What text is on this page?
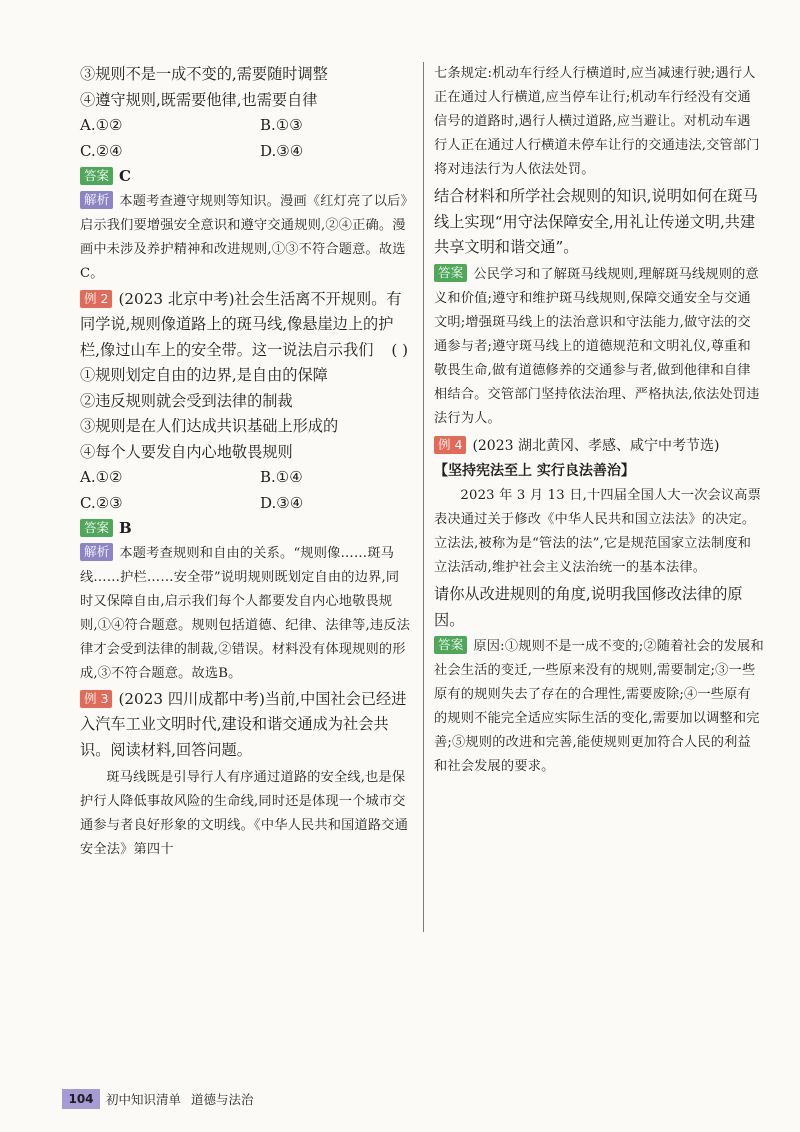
③规则不是一成不变的,需要随时调整

④遵守规则,既需要他律,也需要自律

A.①②	B.①③
C.②④	D.③④

答案 C

解析 本题考查遵守规则等知识。漫画《红灯亮了以后》启示我们要增强安全意识和遵守交通规则,②④正确。漫画中未涉及养护精神和改进规则,①③不符合题意。故选C。

例 2 (2023 北京中考)社会生活离不开规则。有同学说,规则像道路上的斑马线,像悬崖边上的护栏,像过山车上的安全带。这一说法启示我们 ( )

①规则划定自由的边界,是自由的保障

②违反规则就会受到法律的制裁

③规则是在人们达成共识基础上形成的

④每个人要发自内心地敬畏规则

A.①②	B.①④
C.②③	D.③④

答案 B

解析 本题考查规则和自由的关系。“规则像……斑马线……护栏……安全带”说明规则既划定自由的边界,同时又保障自由,启示我们每个人都要发自内心地敬畏规则,①④符合题意。规则包括道德、纪律、法律等,违反法律才会受到法律的制裁,②错误。材料没有体现规则的形成,③不符合题意。故选B。

例 3 (2023 四川成都中考)当前,中国社会已经进入汽车工业文明时代,建设和谐交通成为社会共识。阅读材料,回答问题。

斑马线既是引导行人有序通过道路的安全线,也是保护行人降低事故风险的生命线,同时还是体现一个城市交通参与者良好形象的文明线。《中华人民共和国道路交通安全法》第四十

七条规定:机动车行经人行横道时,应当减速行驶;遇行人正在通过人行横道,应当停车让行;机动车行经没有交通信号的道路时,遇行人横过道路,应当避让。对机动车遇行人正在通过人行横道未停车让行的交通违法,交管部门将对违法行为人依法处罚。

结合材料和所学社会规则的知识,说明如何在斑马线上实现“用守法保障安全,用礼让传递文明,共建共享文明和谐交通”。

答案 公民学习和了解斑马线规则,理解斑马线规则的意义和价值;遵守和维护斑马线规则,保障交通安全与交通文明;增强斑马线上的法治意识和守法能力,做守法的交通参与者;遵守斑马线上的道德规范和文明礼仪,尊重和敬畏生命,做有道德修养的交通参与者,做到他律和自律相结合。交管部门坚持依法治理、严格执法,依法处罚违法行为人。

例 4 (2023 湖北黄冈、孝感、咸宁中考节选)

【坚持宪法至上 实行良法善治】

2023 年 3 月 13 日,十四届全国人大一次会议高票表决通过关于修改《中华人民共和国立法法》的决定。立法法,被称为是“管法的法”,它是规范国家立法制度和立法活动,维护社会主义法治统一的基本法律。

请你从改进规则的角度,说明我国修改法律的原因。

答案 原因:①规则不是一成不变的;②随着社会的发展和社会生活的变迁,一些原来没有的规则,需要制定;③一些原有的规则失去了存在的合理性,需要废除;④一些原有的规则不能完全适应实际生活的变化,需要加以调整和完善;⑤规则的改进和完善,能使规则更加符合人民的利益和社会发展的要求。

104 初中知识清单 道德与法治
